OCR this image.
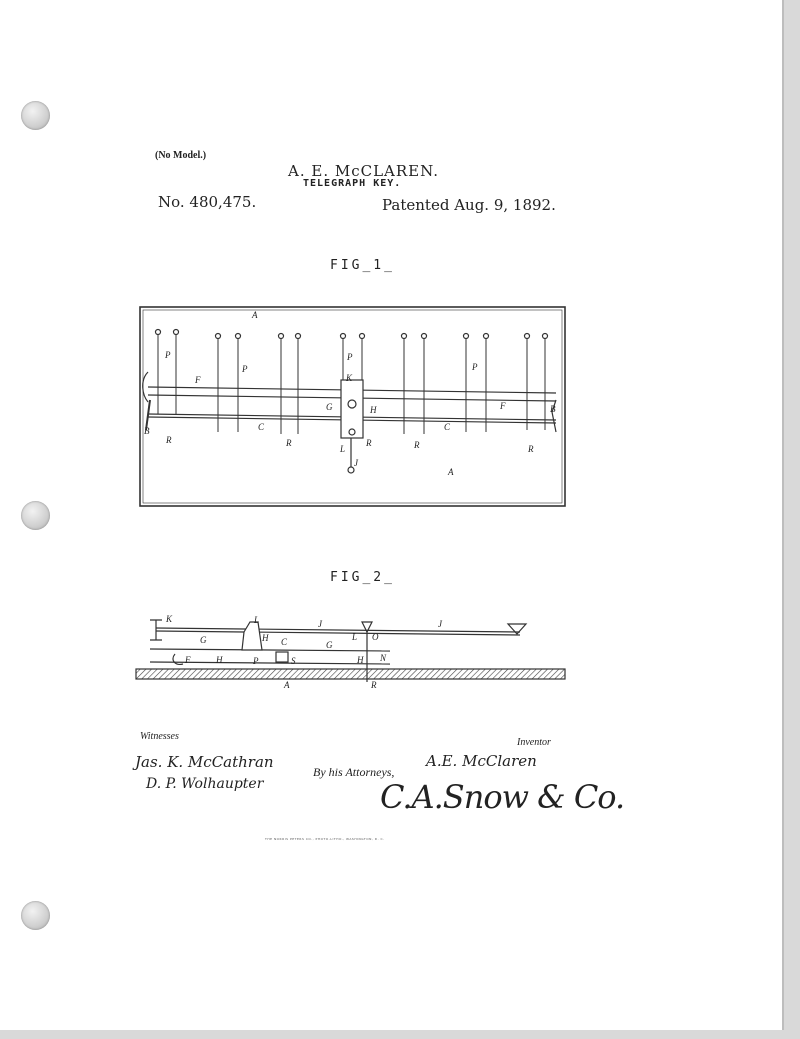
(No Model.)
A. E. McCLAREN.
TELEGRAPH KEY.
No. 480,475.	Patented Aug. 9, 1892.
FIG_1_
FIG_2_
A
A
F
F
P
P
P
P
C	C
B
B
G	H
K
L
J
R	R	R	R
R
K	L	J	J
L O
G	G
C
H
F	H	P	S	H N
A	R
Witnesses
Inventor
Jas. K. McCathran
D. P. Wolhaupter
A.E. McClaren
By his Attorneys,
C.A.Snow & Co.
THE NORRIS PETERS CO., PHOTO-LITHO., WASHINGTON, D. C.
